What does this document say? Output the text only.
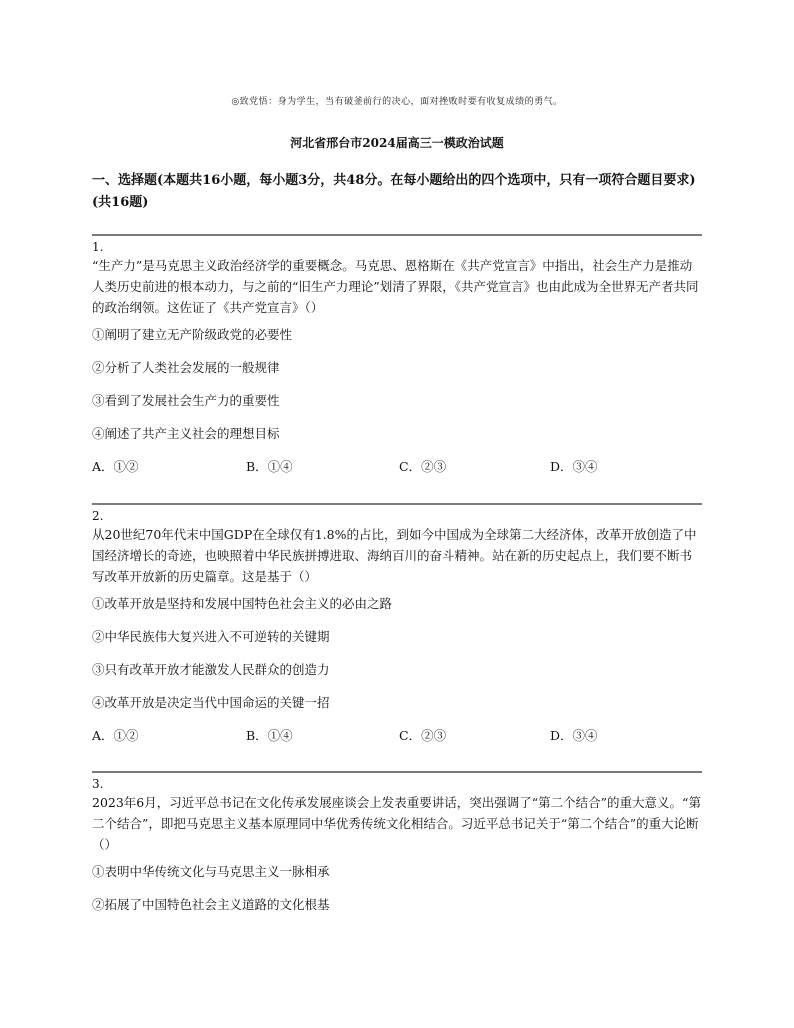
◎致党悟：身为学生，当有破釜前行的决心，面对挫败时要有收复成绩的勇气。
河北省邢台市2024届高三一模政治试题
一、选择题(本题共16小题，每小题3分，共48分。在每小题给出的四个选项中，只有一项符合题目要求)(共16题)
1.

“生产力”是马克思主义政治经济学的重要概念。马克思、恩格斯在《共产党宣言》中指出，社会生产力是推动人类历史前进的根本动力，与之前的“旧生产力理论”划清了界限，《共产党宣言》也由此成为全世界无产者共同的政治纲领。这佐证了《共产党宣言》（）

①阐明了建立无产阶级政党的必要性

②分析了人类社会发展的一般规律

③看到了发展社会生产力的重要性

④阐述了共产主义社会的理想目标

A．①②	B．①④	C．②③	D．③④
2.

从20世纪70年代末中国GDP在全球仅有1.8%的占比，到如今中国成为全球第二大经济体，改革开放创造了中国经济增长的奇迹，也映照着中华民族拼搏进取、海纳百川的奋斗精神。站在新的历史起点上，我们要不断书写改革开放新的历史篇章。这是基于（）

①改革开放是坚持和发展中国特色社会主义的必由之路

②中华民族伟大复兴进入不可逆转的关键期

③只有改革开放才能激发人民群众的创造力

④改革开放是决定当代中国命运的关键一招

A．①②	B．①④	C．②③	D．③④
3.

2023年6月，习近平总书记在文化传承发展座谈会上发表重要讲话，突出强调了“第二个结合”的重大意义。“第二个结合”，即把马克思主义基本原理同中华优秀传统文化相结合。习近平总书记关于“第二个结合”的重大论断（）

①表明中华传统文化与马克思主义一脉相承

②拓展了中国特色社会主义道路的文化根基
